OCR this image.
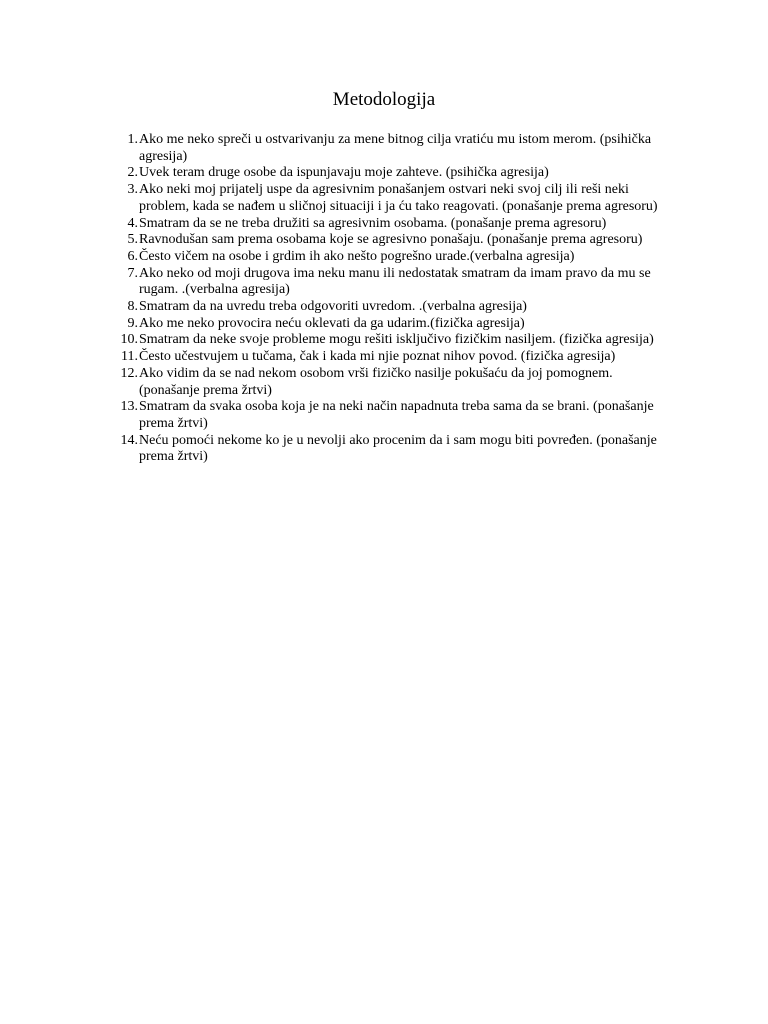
Metodologija
1. Ako me neko spreči u ostvarivanju za mene bitnog cilja vratiću mu istom merom. (psihička agresija)
2. Uvek teram druge osobe da ispunjavaju moje zahteve. (psihička agresija)
3. Ako neki moj prijatelj uspe da agresivnim ponašanjem ostvari neki svoj cilj ili reši neki problem, kada se nađem u sličnoj situaciji i ja ću tako reagovati. (ponašanje prema agresoru)
4. Smatram da se ne treba družiti sa agresivnim osobama. (ponašanje prema agresoru)
5. Ravnodušan sam prema osobama koje se agresivno ponašaju. (ponašanje prema agresoru)
6. Često vičem na osobe i grdim ih ako nešto pogrešno urade.(verbalna agresija)
7. Ako neko od moji drugova ima neku manu ili nedostatak smatram da imam pravo da mu se rugam. .(verbalna agresija)
8. Smatram da na uvredu treba odgovoriti uvredom. .(verbalna agresija)
9. Ako me neko provocira neću oklevati da ga udarim.(fizička agresija)
10. Smatram da neke svoje probleme mogu rešiti isključivo fizičkim nasiljem. (fizička agresija)
11. Često učestvujem u tučama, čak i kada mi njie poznat nihov povod. (fizička agresija)
12. Ako vidim da se nad nekom osobom vrši fizičko nasilje pokušaću da joj pomognem.(ponašanje prema žrtvi)
13. Smatram da svaka osoba koja je na neki način napadnuta treba sama da se brani. (ponašanje prema žrtvi)
14. Neću pomoći nekome ko je u nevolji ako procenim da i sam mogu biti povređen. (ponašanje prema žrtvi)
